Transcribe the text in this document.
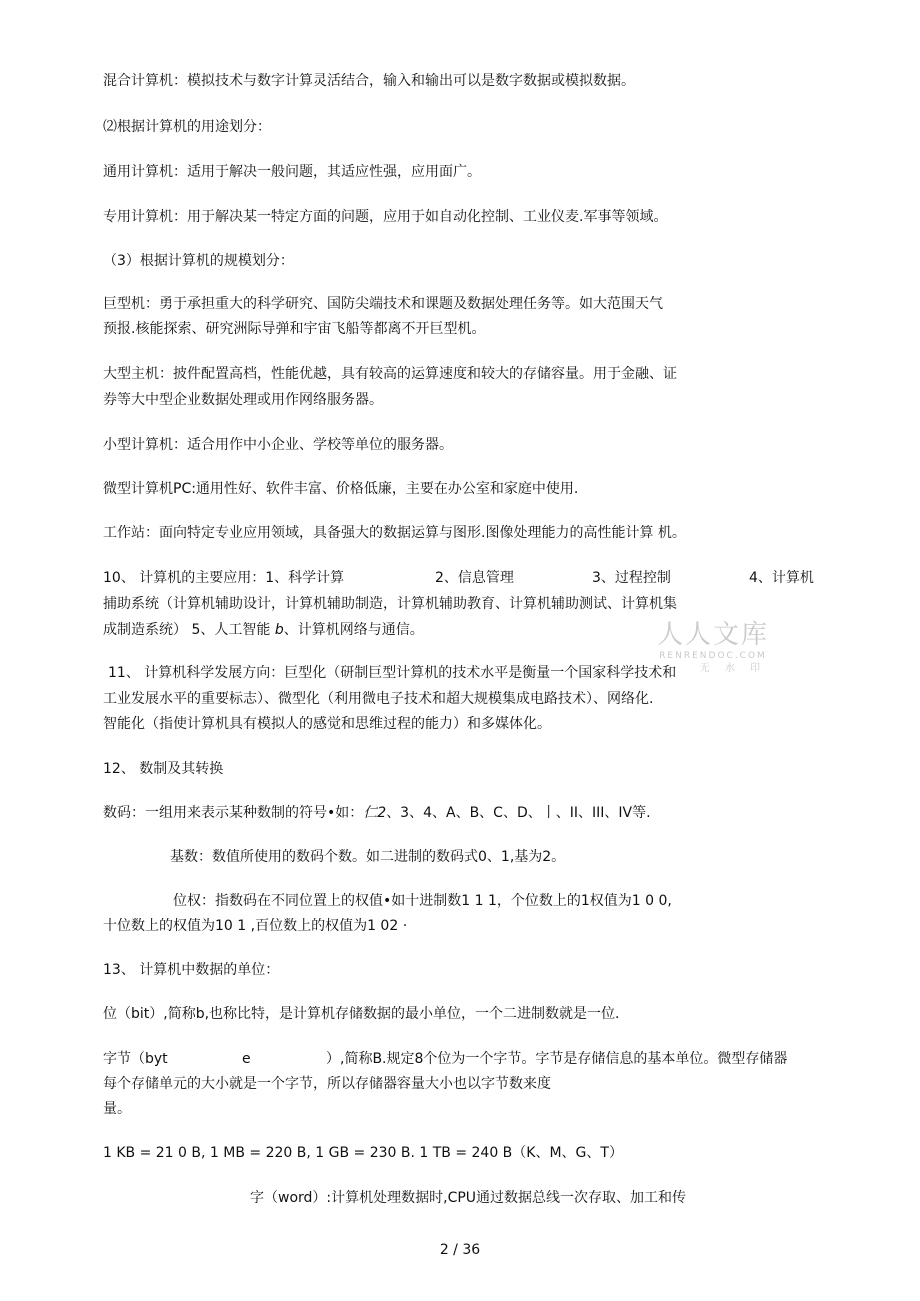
混合计算机：模拟技术与数字计算灵活结合，输入和输出可以是数字数据或模拟数据。
⑵根据计算机的用途划分：
通用计算机：适用于解决一般问题，其适应性强，应用面广。
专用计算机：用于解决某一特定方面的问题，应用于如自动化控制、工业仪麦.军事等领域。
（3）根据计算机的规模划分：
巨型机：勇于承担重大的科学研究、国防尖端技术和课题及数据处理任务等。如大范围天气
预报.核能探索、研究洲际导弹和宇宙飞船等都离不开巨型机。
大型主机：披件配置高档，性能优越，具有较高的运算速度和较大的存储容量。用于金融、证
券等大中型企业数据处理或用作网络服务器。
小型计算机：适合用作中小企业、学校等单位的服务器。
微型计算机PC:通用性好、软件丰富、价格低廉，主要在办公室和家庭中使用.
工作站：面向特定专业应用领域，具备强大的数据运算与图形.图像处理能力的高性能计算 机。
10、 计算机的主要应用：1、科学计算	2、信息管理	3、过程控制	4、计算机
捕助系统（计算机辅助设计，计算机辅助制造，计算机辅助教育、计算机辅助测试、计算机集
成制造系统） 5、人工智能 b、计算机网络与通信。
11、 计算机科学发展方向：巨型化（研制巨型计算机的技术水平是衡量一个国家科学技术和
工业发展水平的重要标志）、微型化（利用微电子技术和超大规模集成电路技术）、网络化.
智能化（指使计算机具有模拟人的感觉和思维过程的能力）和多媒体化。
12、 数制及其转换
数码：一组用来表示某种数制的符号•如：仁2、3、4、A、B、C、D、丨、II、III、IV等.
基数：数值所使用的数码个数。如二进制的数码式0、1,基为2。
位权：指数码在不同位置上的权值•如十进制数1 1 1，个位数上的1权值为1 0 0,
十位数上的权值为10 1 ,百位数上的权值为1 02 ·
13、 计算机中数据的单位：
位（bit）,简称b,也称比特，是计算机存储数据的最小单位，一个二进制数就是一位.
字节（byt	e	）,简称B.规定8个位为一个字节。字节是存储信息的基本单位。微型存储器
每个存储单元的大小就是一个字节，所以存储器容量大小也以字节数来度
量。
1 KB = 21 0 B, 1 MB = 220 B, 1 GB = 230 B. 1 TB = 240 B（K、M、G、T）
字（word）:计算机处理数据时,CPU通过数据总线一次存取、加工和传
人人文库
RENRENDOC.COM
无 水 印
2 / 36
